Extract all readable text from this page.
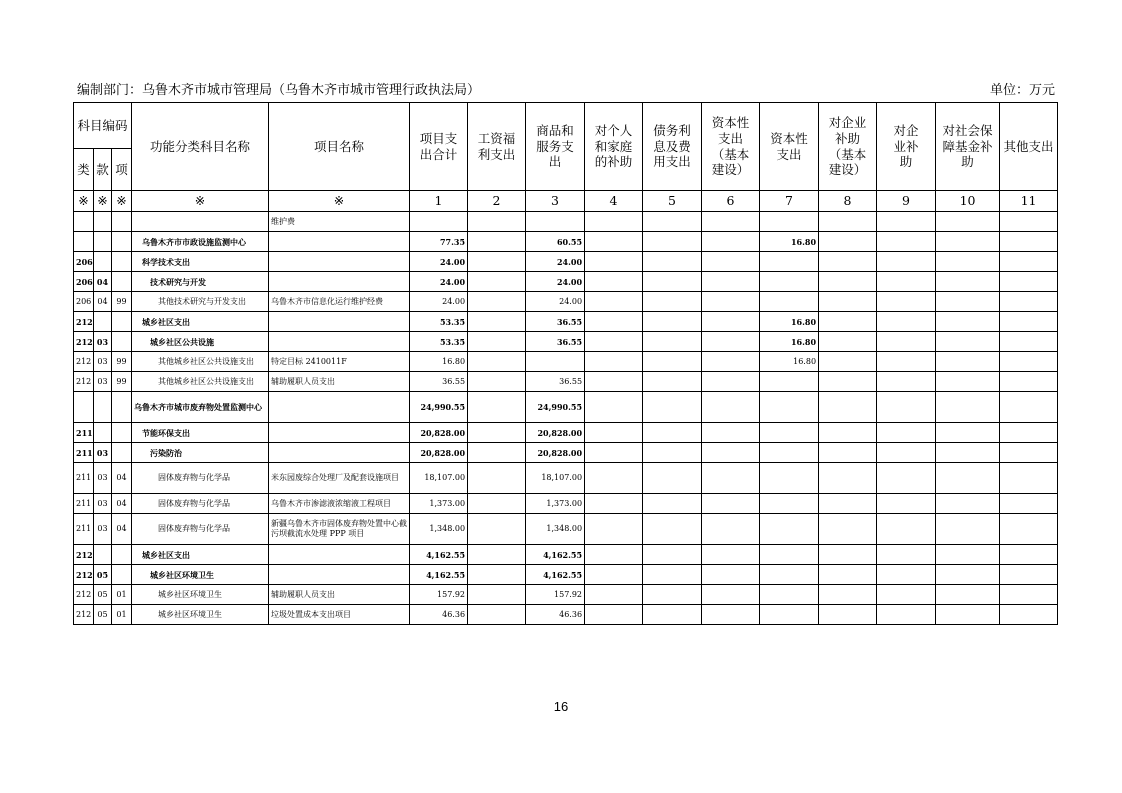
编制部门：乌鲁木齐市城市管理局（乌鲁木齐市城市管理行政执法局）	单位：万元
科目编码			功能分类科目名称	项目名称	项目支出合计	工资福利支出	商品和服务支出	对个人和家庭的补助	债务利息及费用支出	资本性支出（基本建设）	资本性支出	对企业补助（基本建设）	对企业补助	对社会保障基金补助	其他支出
类	款	项													
※	※	※	※	※	1	2	3	4	5	6	7	8	9	10	11
				维护费											
			乌鲁木齐市市政设施监测中心		77.35		60.55				16.80				
206			科学技术支出		24.00		24.00								
206	04		技术研究与开发		24.00		24.00								
206	04	99	其他技术研究与开发支出	乌鲁木齐市信息化运行维护经费	24.00		24.00								
212			城乡社区支出		53.35		36.55				16.80				
212	03		城乡社区公共设施		53.35		36.55				16.80				
212	03	99	其他城乡社区公共设施支出	特定目标 2410011F	16.80						16.80				
212	03	99	其他城乡社区公共设施支出	辅助履职人员支出	36.55		36.55								
			乌鲁木齐市城市废弃物处置监测中心		24,990.55		24,990.55								
211			节能环保支出		20,828.00		20,828.00								
211	03		污染防治		20,828.00		20,828.00								
211	03	04	固体废弃物与化学品	米东园废综合处理厂及配套设施项目	18,107.00		18,107.00								
211	03	04	固体废弃物与化学品	乌鲁木齐市渗滤液浓缩液工程项目	1,373.00		1,373.00								
211	03	04	固体废弃物与化学品	新疆乌鲁木齐市固体废弃物处置中心截污坝截流水处理 PPP 项目	1,348.00		1,348.00								
212			城乡社区支出		4,162.55		4,162.55								
212	05		城乡社区环境卫生		4,162.55		4,162.55								
212	05	01	城乡社区环境卫生	辅助履职人员支出	157.92		157.92								
212	05	01	城乡社区环境卫生	垃圾处置成本支出项目	46.36		46.36								
16
